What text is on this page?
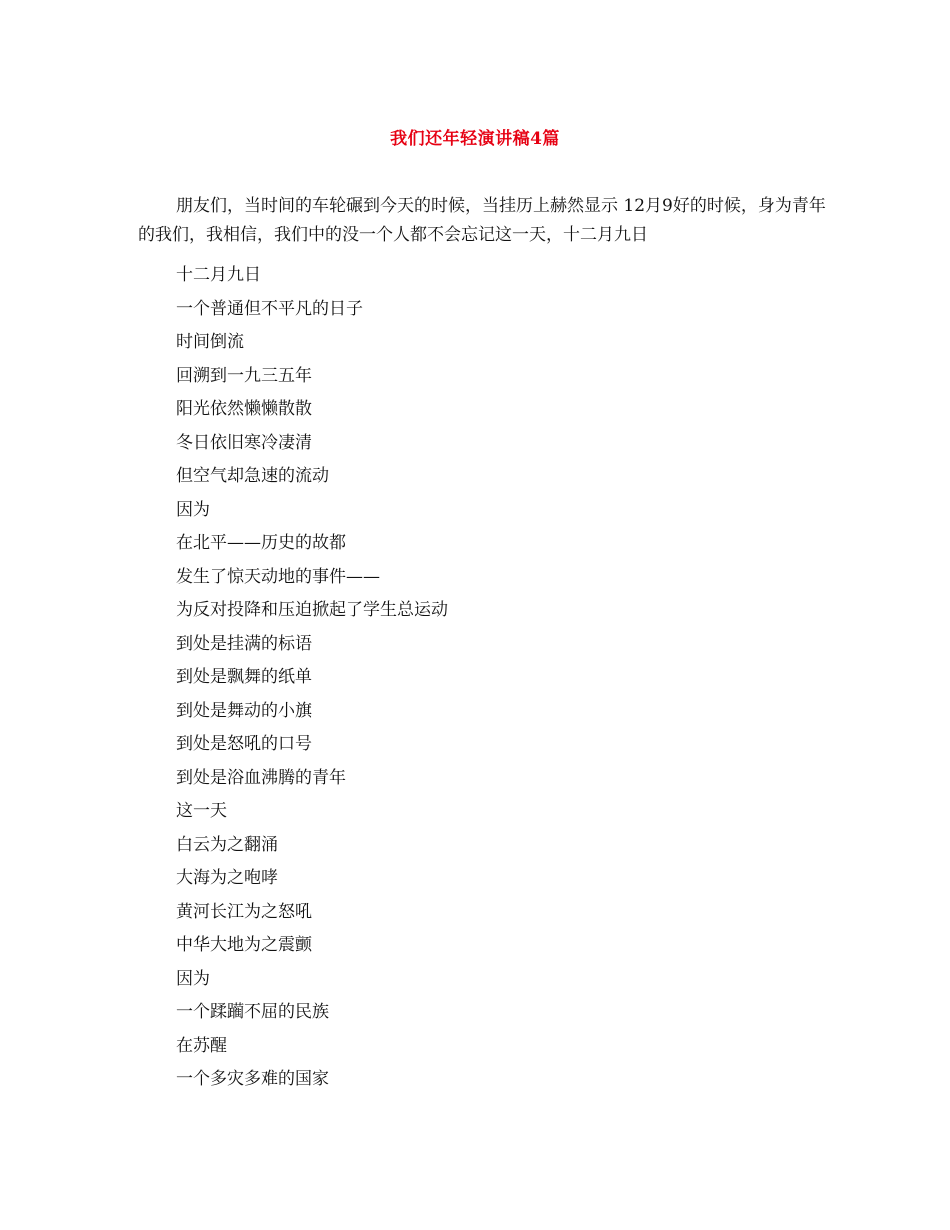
我们还年轻演讲稿4篇

朋友们，当时间的车轮碾到今天的时候，当挂历上赫然显示 12月9好的时候，身为青年的我们，我相信，我们中的没一个人都不会忘记这一天，十二月九日

十二月九日
一个普通但不平凡的日子
时间倒流
回溯到一九三五年
阳光依然懒懒散散
冬日依旧寒冷凄清
但空气却急速的流动
因为
在北平——历史的故都
发生了惊天动地的事件——
为反对投降和压迫掀起了学生总运动
到处是挂满的标语
到处是飘舞的纸单
到处是舞动的小旗
到处是怒吼的口号
到处是浴血沸腾的青年
这一天
白云为之翻涌
大海为之咆哮
黄河长江为之怒吼
中华大地为之震颤
因为
一个蹂躏不屈的民族
在苏醒
一个多灾多难的国家
